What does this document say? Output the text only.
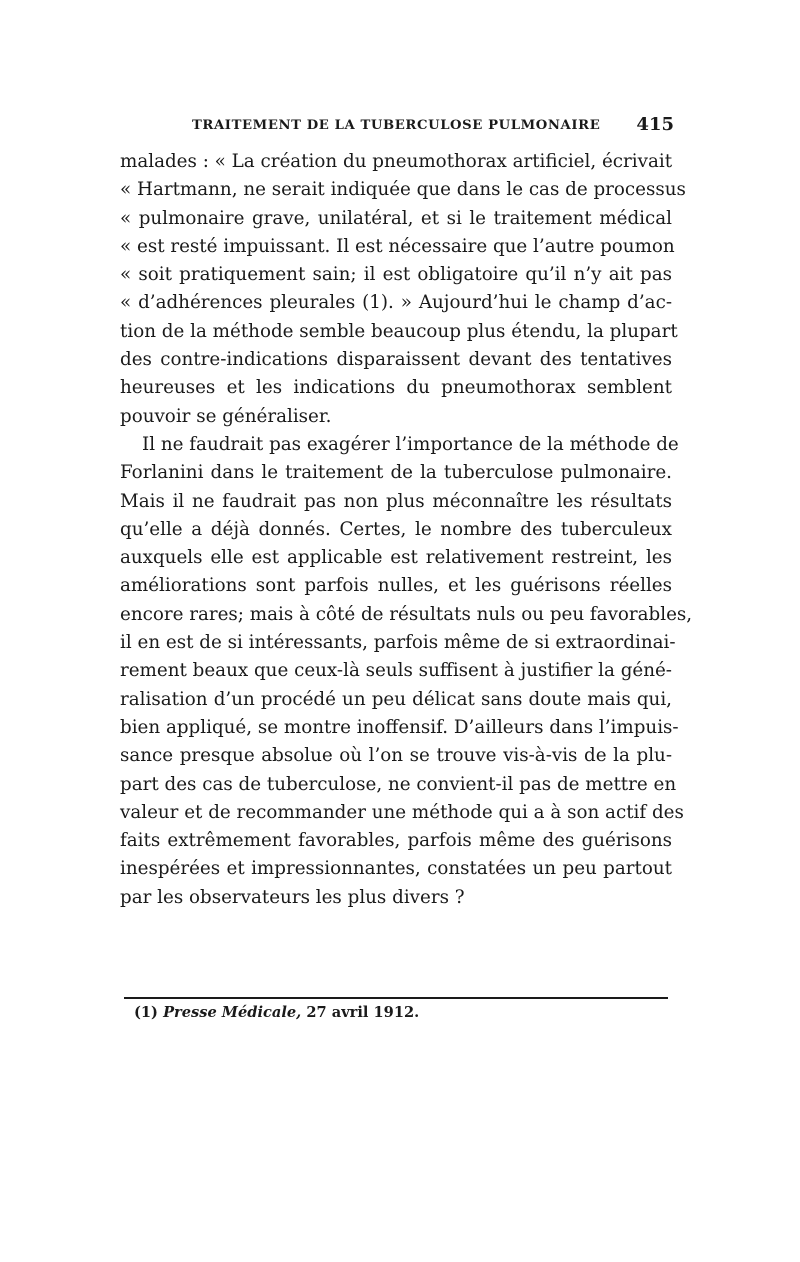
TRAITEMENT DE LA TUBERCULOSE PULMONAIRE 415
malades : « La création du pneumothorax artificiel, écrivait
« Hartmann, ne serait indiquée que dans le cas de processus
« pulmonaire grave, unilatéral, et si le traitement médical
« est resté impuissant. Il est nécessaire que l’autre poumon
« soit pratiquement sain; il est obligatoire qu’il n’y ait pas
« d’adhérences pleurales (1). » Aujourd’hui le champ d’ac-
tion de la méthode semble beaucoup plus étendu, la plupart
des contre-indications disparaissent devant des tentatives
heureuses et les indications du pneumothorax semblent
pouvoir se généraliser.
Il ne faudrait pas exagérer l’importance de la méthode de
Forlanini dans le traitement de la tuberculose pulmonaire.
Mais il ne faudrait pas non plus méconnaître les résultats
qu’elle a déjà donnés. Certes, le nombre des tuberculeux
auxquels elle est applicable est relativement restreint, les
améliorations sont parfois nulles, et les guérisons réelles
encore rares; mais à côté de résultats nuls ou peu favorables,
il en est de si intéressants, parfois même de si extraordinai-
rement beaux que ceux-là seuls suffisent à justifier la géné-
ralisation d’un procédé un peu délicat sans doute mais qui,
bien appliqué, se montre inoffensif. D’ailleurs dans l’impuis-
sance presque absolue où l’on se trouve vis-à-vis de la plu-
part des cas de tuberculose, ne convient-il pas de mettre en
valeur et de recommander une méthode qui a à son actif des
faits extrêmement favorables, parfois même des guérisons
inespérées et impressionnantes, constatées un peu partout
par les observateurs les plus divers ?
(1) Presse Médicale, 27 avril 1912.
